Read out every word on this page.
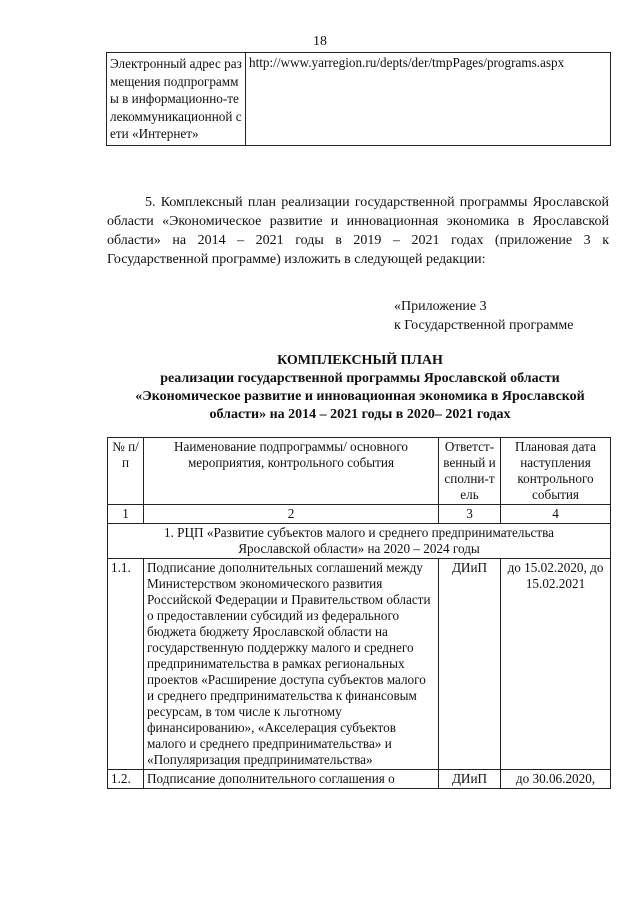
18
Электронный адрес размещения подпрограммы в информационно-телекоммуникационной сети «Интернет»	http://www.yarregion.ru/depts/der/tmpPages/programs.aspx

5. Комплексный план реализации государственной программы Ярославской области «Экономическое развитие и инновационная экономика в Ярославской области» на 2014 – 2021 годы в 2019 – 2021 годах (приложение 3 к Государственной программе) изложить в следующей редакции:

«Приложение 3
к Государственной программе
КОМПЛЕКСНЫЙ ПЛАН
реализации государственной программы Ярославской области
«Экономическое развитие и инновационная экономика в Ярославской
области» на 2014 – 2021 годы в 2020– 2021 годах
№ п/п	Наименование подпрограммы/ основного мероприятия, контрольного события	Ответст-венный исполни-тель	Плановая дата наступления контрольного события
1	2	3	4
1. РЦП «Развитие субъектов малого и среднего предпринимательства Ярославской области» на 2020 – 2024 годы			
1.1.	Подписание дополнительных соглашений между Министерством экономического развития Российской Федерации и Правительством области о предоставлении субсидий из федерального бюджета бюджету Ярославской области на государственную поддержку малого и среднего предпринимательства в рамках региональных проектов «Расширение доступа субъектов малого и среднего предпринимательства к финансовым ресурсам, в том числе к льготному финансированию», «Акселерация субъектов малого и среднего предпринимательства» и «Популяризация предпринимательства»	ДИиП	до 15.02.2020, до 15.02.2021
1.2.	Подписание дополнительного соглашения о	ДИиП	до 30.06.2020,
